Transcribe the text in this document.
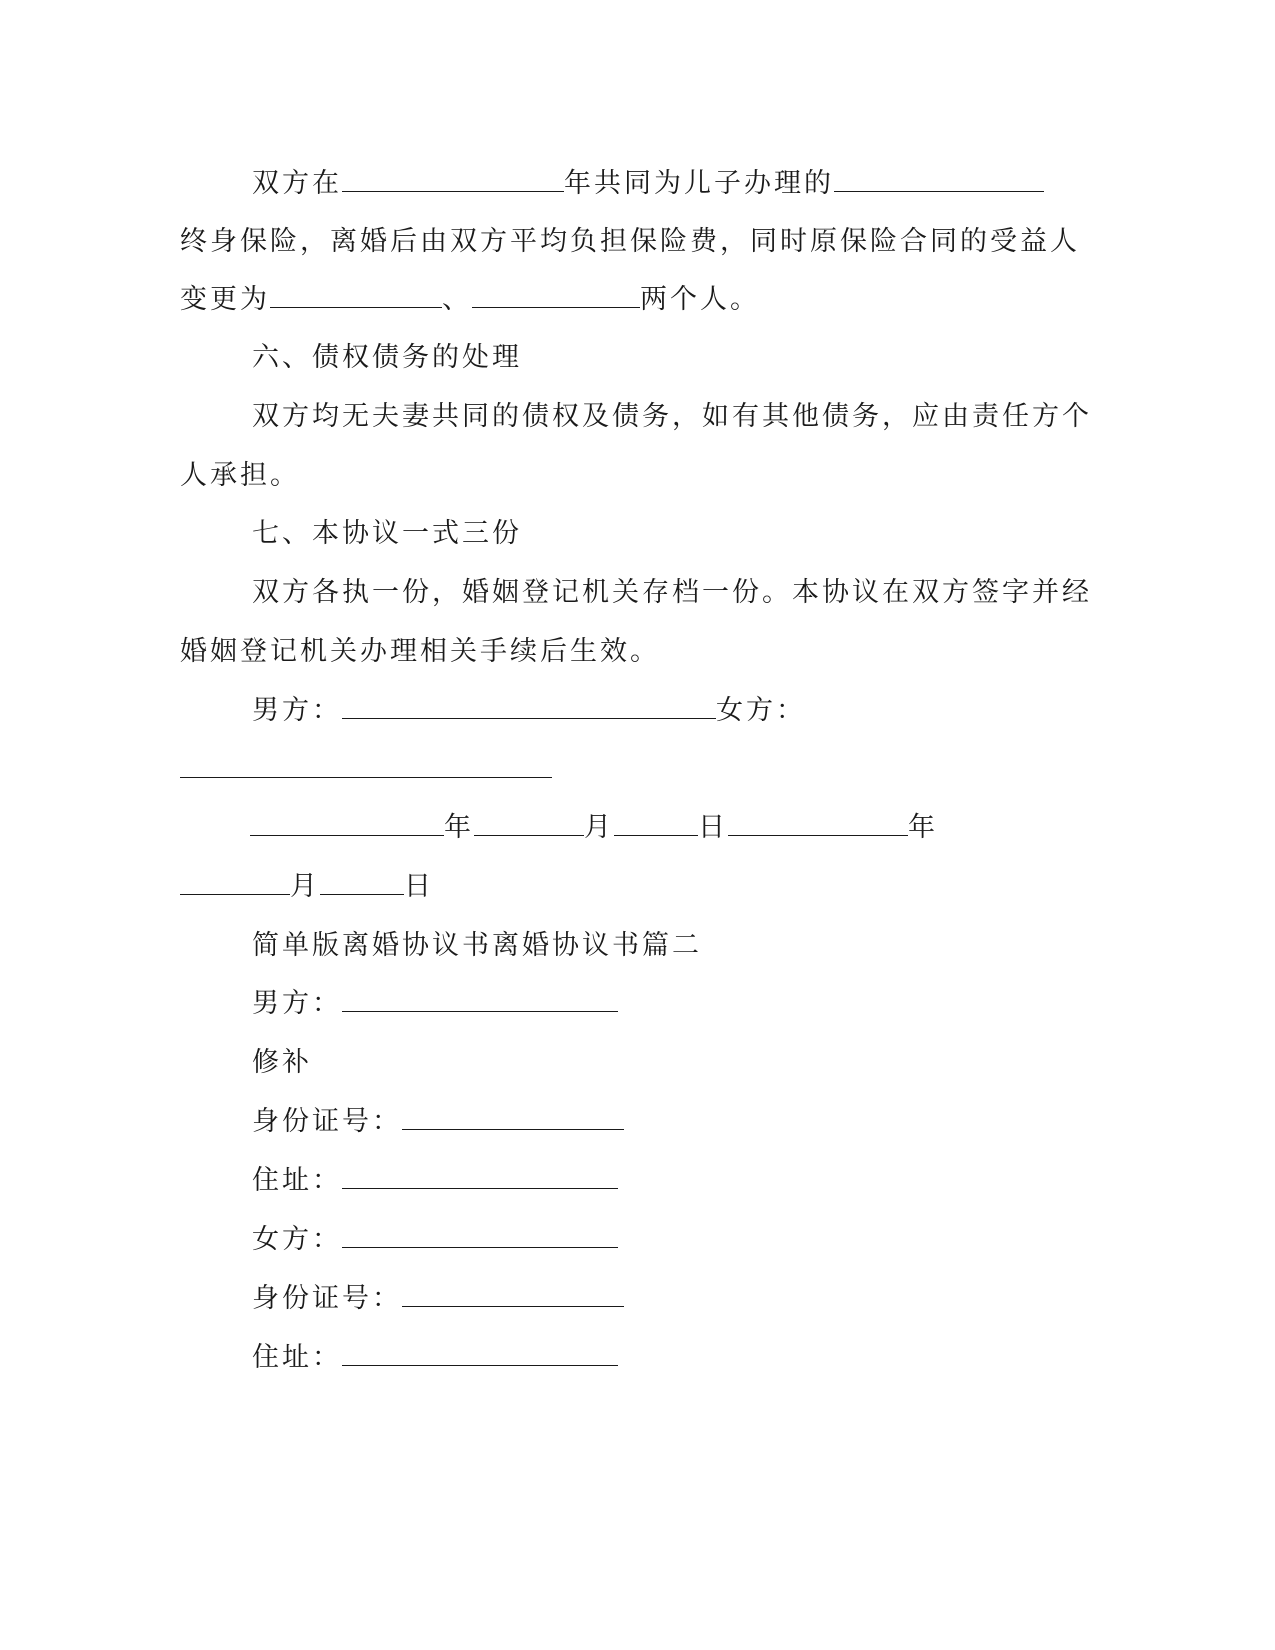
双方在	年共同为儿子办理的
终身保险，离婚后由双方平均负担保险费，同时原保险合同的受益人
变更为	、	两个人。
六、债权债务的处理
双方均无夫妻共同的债权及债务，如有其他债务，应由责任方个
人承担。
七、本协议一式三份
双方各执一份，婚姻登记机关存档一份。本协议在双方签字并经
婚姻登记机关办理相关手续后生效。
男方：	女方：
年	月	日	年
月	日
简单版离婚协议书离婚协议书篇二
男方：
修补
身份证号：
住址：
女方：
身份证号：
住址：
